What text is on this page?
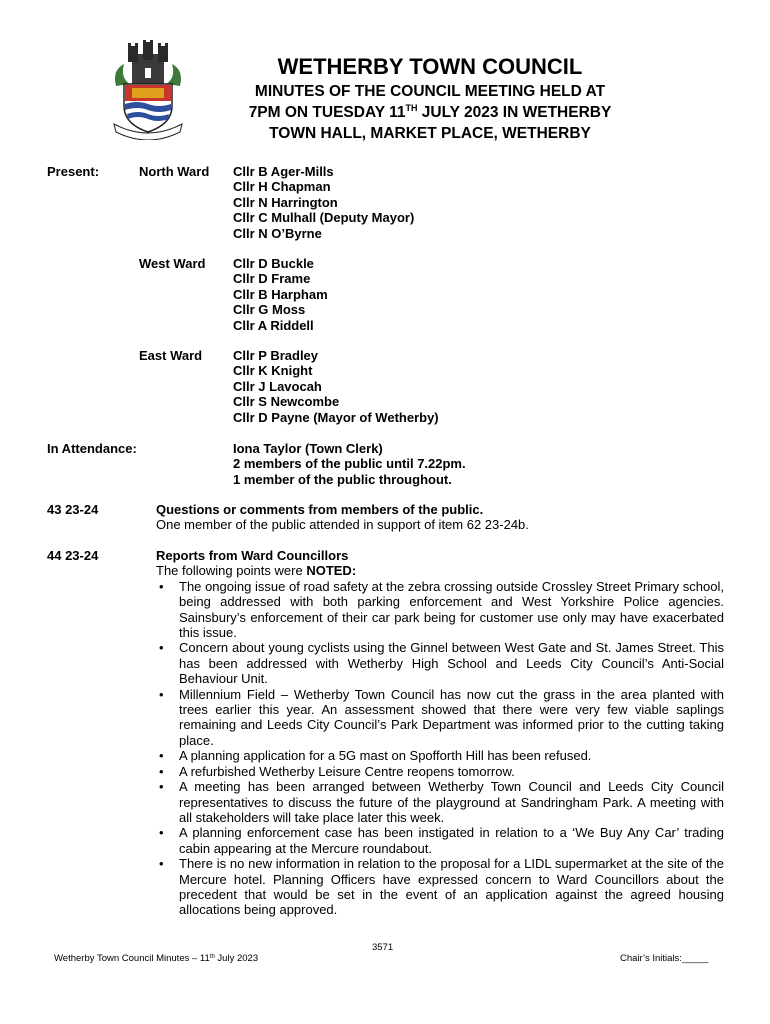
WETHERBY TOWN COUNCIL
MINUTES OF THE COUNCIL MEETING HELD AT
7PM ON TUESDAY 11TH JULY 2023 IN WETHERBY
TOWN HALL, MARKET PLACE, WETHERBY
Present:	North Ward Cllr B Ager-Mills
Cllr H Chapman
Cllr N Harrington
Cllr C Mulhall (Deputy Mayor)
Cllr N O’Byrne
West Ward Cllr D Buckle
Cllr D Frame
Cllr B Harpham
Cllr G Moss
Cllr A Riddell
East Ward Cllr P Bradley
Cllr K Knight
Cllr J Lavocah
Cllr S Newcombe
Cllr D Payne (Mayor of Wetherby)
In Attendance:	Iona Taylor (Town Clerk)
2 members of the public until 7.22pm.
1 member of the public throughout.
43 23-24	Questions or comments from members of the public.
One member of the public attended in support of item 62 23-24b.
44 23-24	Reports from Ward Councillors
The following points were NOTED:
• The ongoing issue of road safety at the zebra crossing outside Crossley Street Primary school, being addressed with both parking enforcement and West Yorkshire Police agencies. Sainsbury’s enforcement of their car park being for customer use only may have exacerbated this issue.
• Concern about young cyclists using the Ginnel between West Gate and St. James Street. This has been addressed with Wetherby High School and Leeds City Council’s Anti-Social Behaviour Unit.
• Millennium Field – Wetherby Town Council has now cut the grass in the area planted with trees earlier this year. An assessment showed that there were very few viable saplings remaining and Leeds City Council’s Park Department was informed prior to the cutting taking place.
• A planning application for a 5G mast on Spofforth Hill has been refused.
• A refurbished Wetherby Leisure Centre reopens tomorrow.
• A meeting has been arranged between Wetherby Town Council and Leeds City Council representatives to discuss the future of the playground at Sandringham Park. A meeting with all stakeholders will take place later this week.
• A planning enforcement case has been instigated in relation to a ‘We Buy Any Car’ trading cabin appearing at the Mercure roundabout.
• There is no new information in relation to the proposal for a LIDL supermarket at the site of the Mercure hotel. Planning Officers have expressed concern to Ward Councillors about the precedent that would be set in the event of an application against the agreed housing allocations being approved.
3571
Wetherby Town Council Minutes – 11th July 2023	Chair’s Initials:_____
